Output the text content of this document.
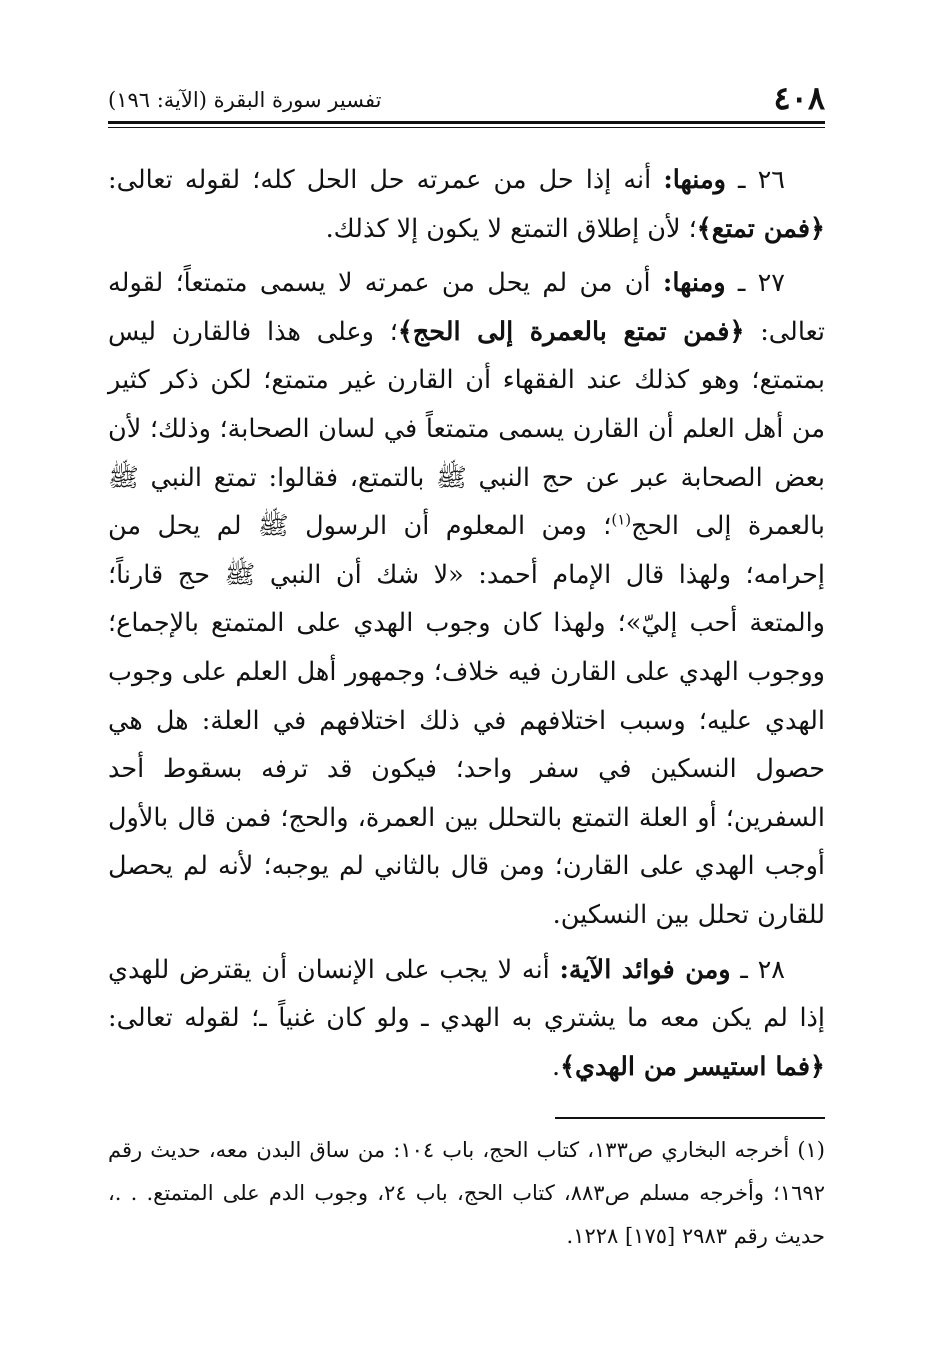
٤٠٨
تفسير سورة البقرة (الآية: ١٩٦)

٢٦ ـ ومنها: أنه إذا حل من عمرته حل الحل كله؛ لقوله تعالى: ﴿فمن تمتع﴾؛ لأن إطلاق التمتع لا يكون إلا كذلك.

٢٧ ـ ومنها: أن من لم يحل من عمرته لا يسمى متمتعاً؛ لقوله تعالى: ﴿فمن تمتع بالعمرة إلى الحج﴾؛ وعلى هذا فالقارن ليس بمتمتع؛ وهو كذلك عند الفقهاء أن القارن غير متمتع؛ لكن ذكر كثير من أهل العلم أن القارن يسمى متمتعاً في لسان الصحابة؛ وذلك؛ لأن بعض الصحابة عبر عن حج النبي ﷺ بالتمتع، فقالوا: تمتع النبي ﷺ بالعمرة إلى الحج$^{(١)}$؛ ومن المعلوم أن الرسول ﷺ لم يحل من إحرامه؛ ولهذا قال الإمام أحمد: «لا شك أن النبي ﷺ حج قارناً؛ والمتعة أحب إليّ»؛ ولهذا كان وجوب الهدي على المتمتع بالإجماع؛ ووجوب الهدي على القارن فيه خلاف؛ وجمهور أهل العلم على وجوب الهدي عليه؛ وسبب اختلافهم في ذلك اختلافهم في العلة: هل هي حصول النسكين في سفر واحد؛ فيكون قد ترفه بسقوط أحد السفرين؛ أو العلة التمتع بالتحلل بين العمرة، والحج؛ فمن قال بالأول أوجب الهدي على القارن؛ ومن قال بالثاني لم يوجبه؛ لأنه لم يحصل للقارن تحلل بين النسكين.

٢٨ ـ ومن فوائد الآية: أنه لا يجب على الإنسان أن يقترض للهدي إذا لم يكن معه ما يشتري به الهدي ـ ولو كان غنياً ـ؛ لقوله تعالى: ﴿فما استيسر من الهدي﴾.

(١) أخرجه البخاري ص١٣٣، كتاب الحج، باب ١٠٤: من ساق البدن معه، حديث رقم ١٦٩٢؛ وأخرجه مسلم ص٨٨٣، كتاب الحج، باب ٢٤، وجوب الدم على المتمتع. . .، حديث رقم ٢٩٨٣ [١٧٥] ١٢٢٨.
